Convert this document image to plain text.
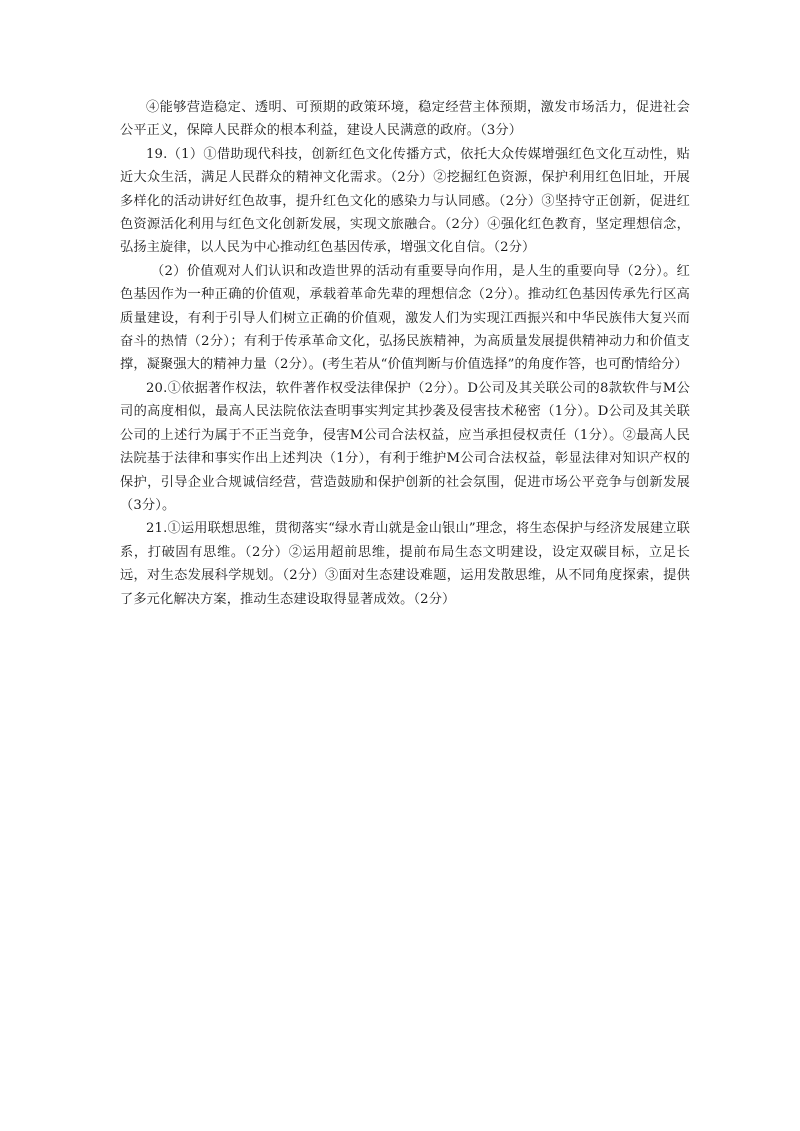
④能够营造稳定、透明、可预期的政策环境，稳定经营主体预期，激发市场活力，促进社会公平正义，保障人民群众的根本利益，建设人民满意的政府。（3分）

19.（1）①借助现代科技，创新红色文化传播方式，依托大众传媒增强红色文化互动性，贴近大众生活，满足人民群众的精神文化需求。（2分）②挖掘红色资源，保护利用红色旧址，开展多样化的活动讲好红色故事，提升红色文化的感染力与认同感。（2分）③坚持守正创新，促进红色资源活化利用与红色文化创新发展，实现文旅融合。（2分）④强化红色教育，坚定理想信念，弘扬主旋律，以人民为中心推动红色基因传承，增强文化自信。（2分）

（2）价值观对人们认识和改造世界的活动有重要导向作用，是人生的重要向导（2分）。红色基因作为一种正确的价值观，承载着革命先辈的理想信念（2分）。推动红色基因传承先行区高质量建设，有利于引导人们树立正确的价值观，激发人们为实现江西振兴和中华民族伟大复兴而奋斗的热情（2分）；有利于传承革命文化，弘扬民族精神，为高质量发展提供精神动力和价值支撑，凝聚强大的精神力量（2分）。(考生若从“价值判断与价值选择”的角度作答，也可酌情给分）

20.①依据著作权法，软件著作权受法律保护（2分）。D公司及其关联公司的8款软件与M公司的高度相似，最高人民法院依法查明事实判定其抄袭及侵害技术秘密（1分）。D公司及其关联公司的上述行为属于不正当竞争，侵害M公司合法权益，应当承担侵权责任（1分）。②最高人民法院基于法律和事实作出上述判决（1分），有利于维护M公司合法权益，彰显法律对知识产权的保护，引导企业合规诚信经营，营造鼓励和保护创新的社会氛围，促进市场公平竞争与创新发展（3分）。

21.①运用联想思维，贯彻落实“绿水青山就是金山银山”理念，将生态保护与经济发展建立联系，打破固有思维。（2分）②运用超前思维，提前布局生态文明建设，设定双碳目标，立足长远，对生态发展科学规划。（2分）③面对生态建设难题，运用发散思维，从不同角度探索，提供了多元化解决方案，推动生态建设取得显著成效。（2分）
